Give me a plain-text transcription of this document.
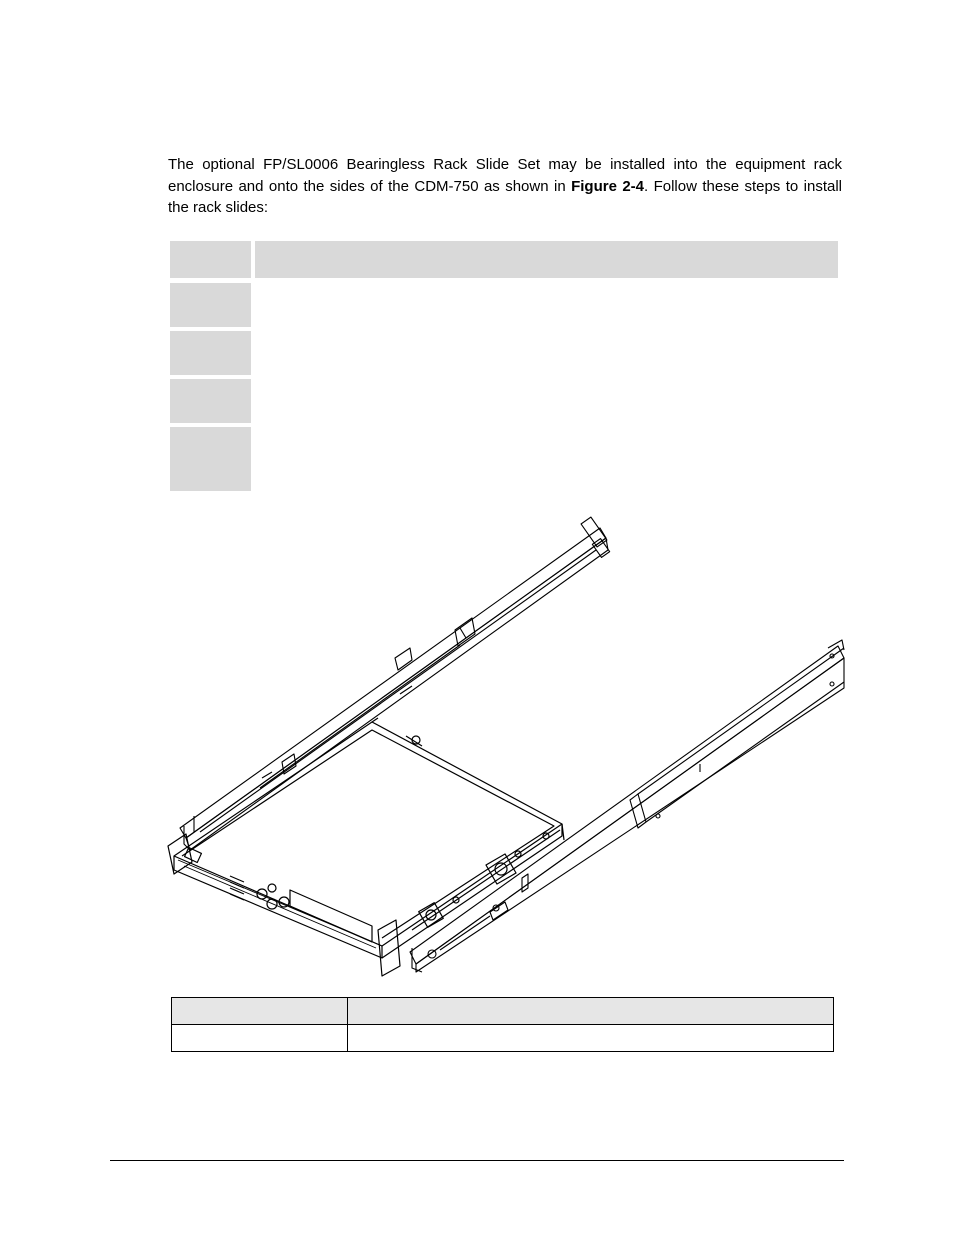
The optional FP/SL0006 Bearingless Rack Slide Set may be installed into the equipment rack enclosure and onto the sides of the CDM-750 as shown in Figure 2-4. Follow these steps to install the rack slides:
